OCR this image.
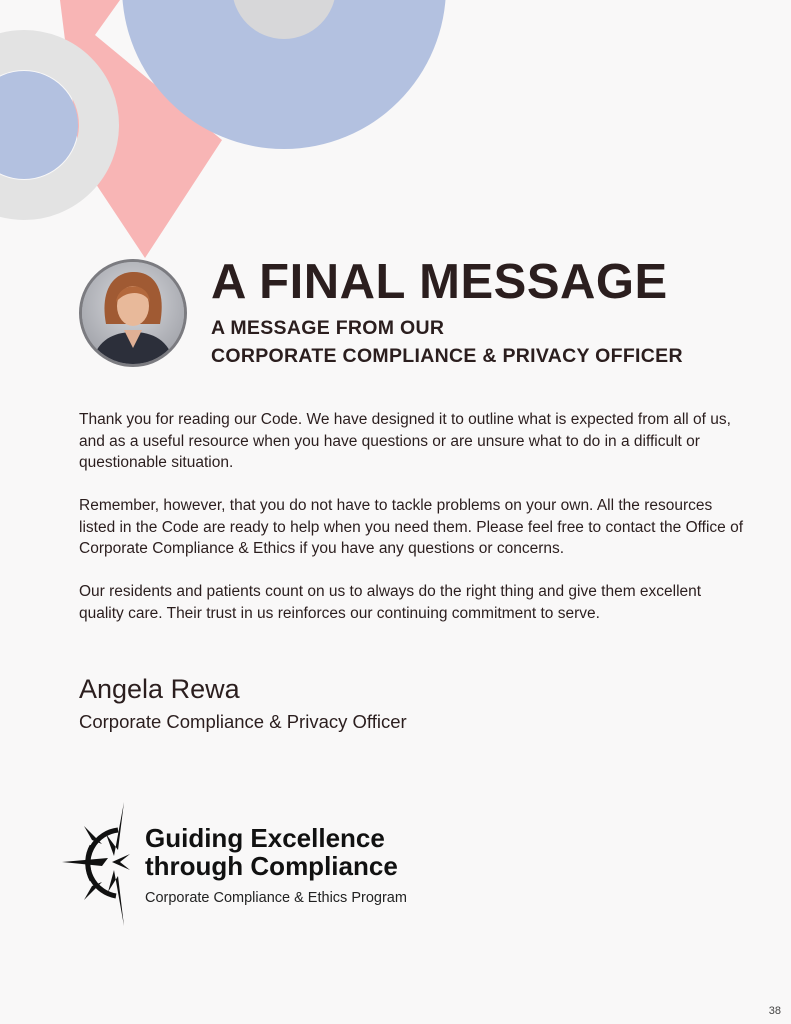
A FINAL MESSAGE
A MESSAGE FROM OUR
CORPORATE COMPLIANCE & PRIVACY OFFICER

Thank you for reading our Code. We have designed it to outline what is expected from all of us, and as a useful resource when you have questions or are unsure what to do in a difficult or questionable situation.

Remember, however, that you do not have to tackle problems on your own. All the resources listed in the Code are ready to help when you need them. Please feel free to contact the Office of Corporate Compliance & Ethics if you have any questions or concerns.

Our residents and patients count on us to always do the right thing and give them excellent quality care. Their trust in us reinforces our continuing commitment to serve.

Angela Rewa

Corporate Compliance & Privacy Officer

Guiding Excellence
through Compliance
Corporate Compliance & Ethics Program
38
